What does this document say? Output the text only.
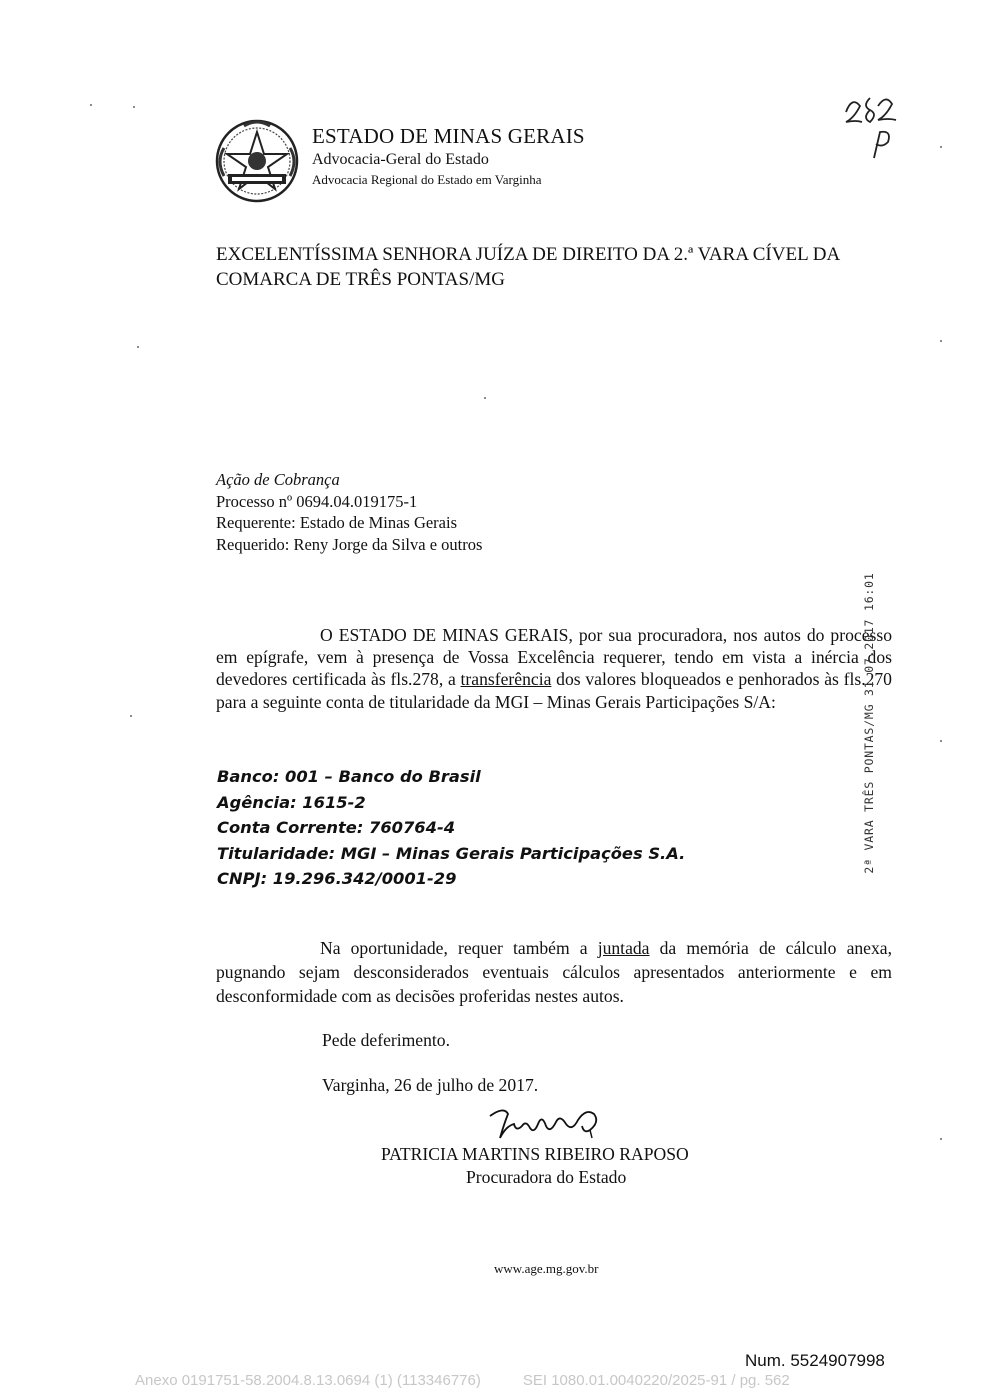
ESTADO DE MINAS GERAIS
Advocacia-Geral do Estado
Advocacia Regional do Estado em Varginha
EXCELENTÍSSIMA SENHORA JUÍZA DE DIREITO DA 2.ª VARA CÍVEL DA COMARCA DE TRÊS PONTAS/MG
Ação de Cobrança
Processo nº 0694.04.019175-1
Requerente: Estado de Minas Gerais
Requerido: Reny Jorge da Silva e outros
O ESTADO DE MINAS GERAIS, por sua procuradora, nos autos do processo em epígrafe, vem à presença de Vossa Excelência requerer, tendo em vista a inércia dos devedores certificada às fls.278, a transferência dos valores bloqueados e penhorados às fls.270 para a seguinte conta de titularidade da MGI – Minas Gerais Participações S/A:
Banco: 001 – Banco do Brasil
Agência: 1615-2
Conta Corrente: 760764-4
Titularidade: MGI – Minas Gerais Participações S.A.
CNPJ: 19.296.342/0001-29
2ª VARA TRÊS PONTAS/MG 31.07.2017 16:01
Na oportunidade, requer também a juntada da memória de cálculo anexa, pugnando sejam desconsiderados eventuais cálculos apresentados anteriormente e em desconformidade com as decisões proferidas nestes autos.
Pede deferimento.
Varginha, 26 de julho de 2017.
PATRICIA MARTINS RIBEIRO RAPOSO
Procuradora do Estado
www.age.mg.gov.br
Num. 5524907998
Anexo 0191751-58.2004.8.13.0694 (1) (113346776)	SEI 1080.01.0040220/2025-91 / pg. 562
